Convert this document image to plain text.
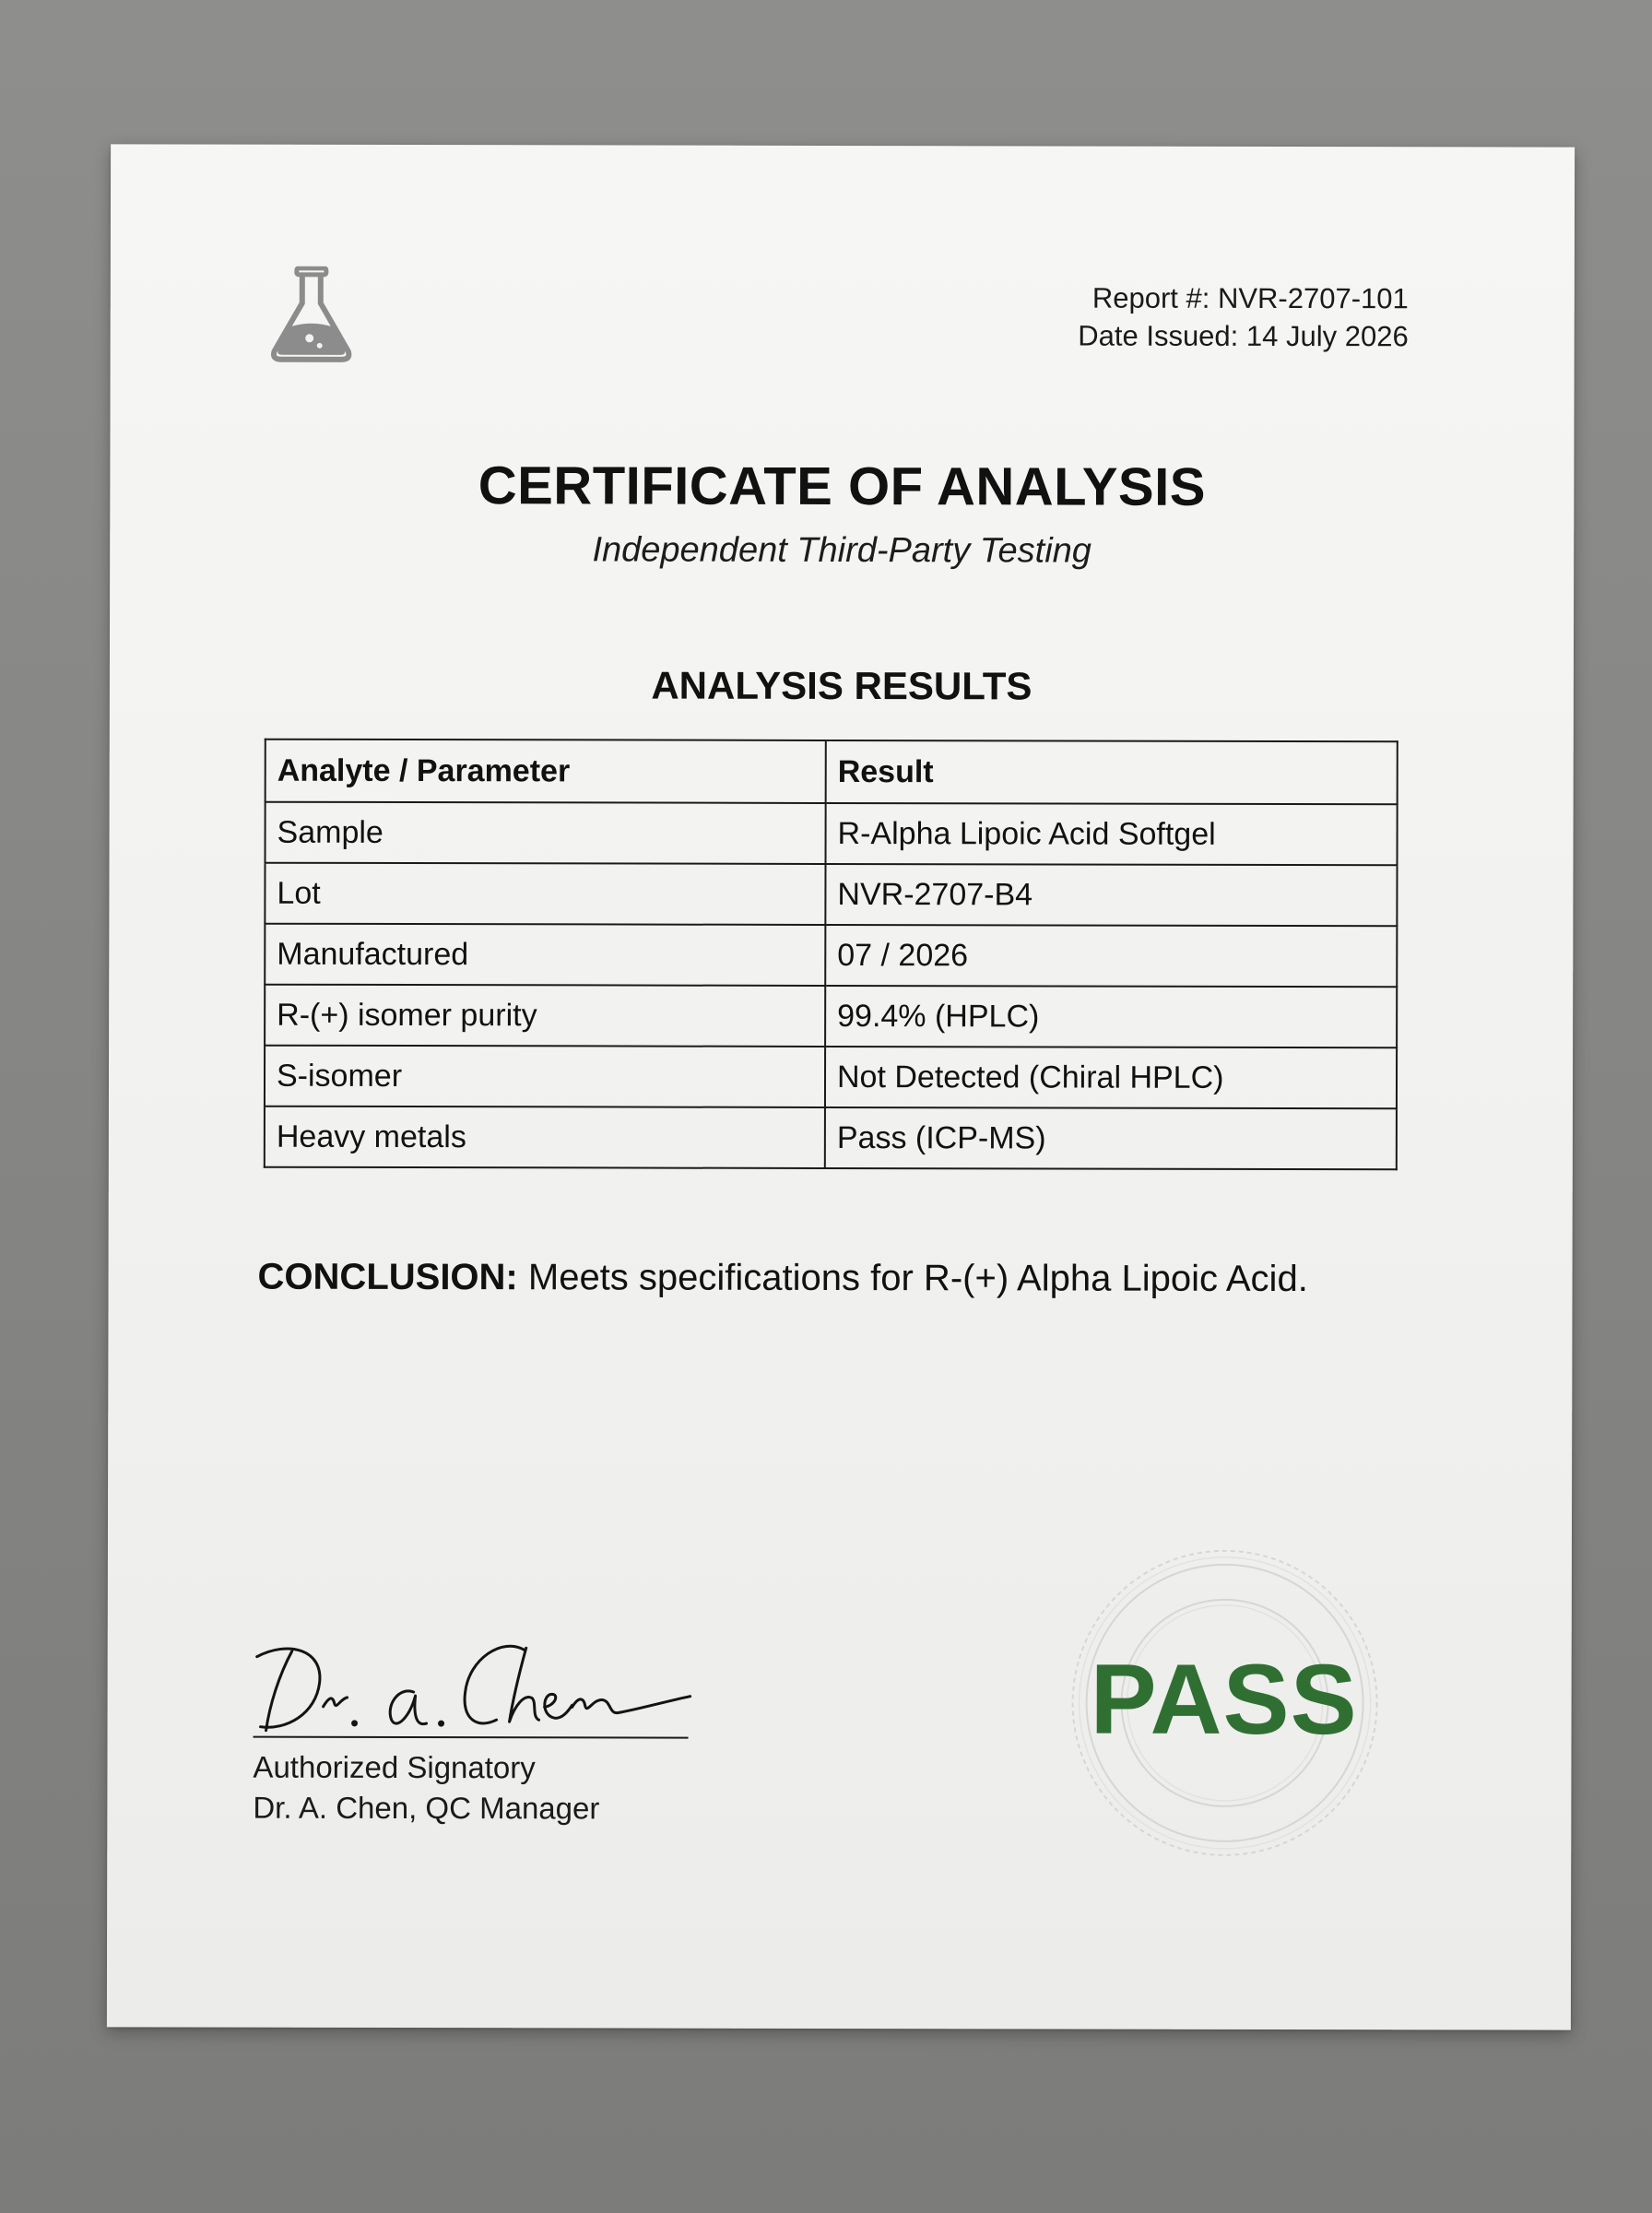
Report #: NVR-2707-101
Date Issued: 14 July 2026
CERTIFICATE OF ANALYSIS
Independent Third-Party Testing
ANALYSIS RESULTS
Analyte / Parameter	Result
Sample	R-Alpha Lipoic Acid Softgel
Lot	NVR-2707-B4
Manufactured	07 / 2026
R-(+) isomer purity	99.4% (HPLC)
S-isomer	Not Detected (Chiral HPLC)
Heavy metals	Pass (ICP-MS)
CONCLUSION: Meets specifications for R-(+) Alpha Lipoic Acid.
Authorized Signatory
Dr. A. Chen, QC Manager
PASS
